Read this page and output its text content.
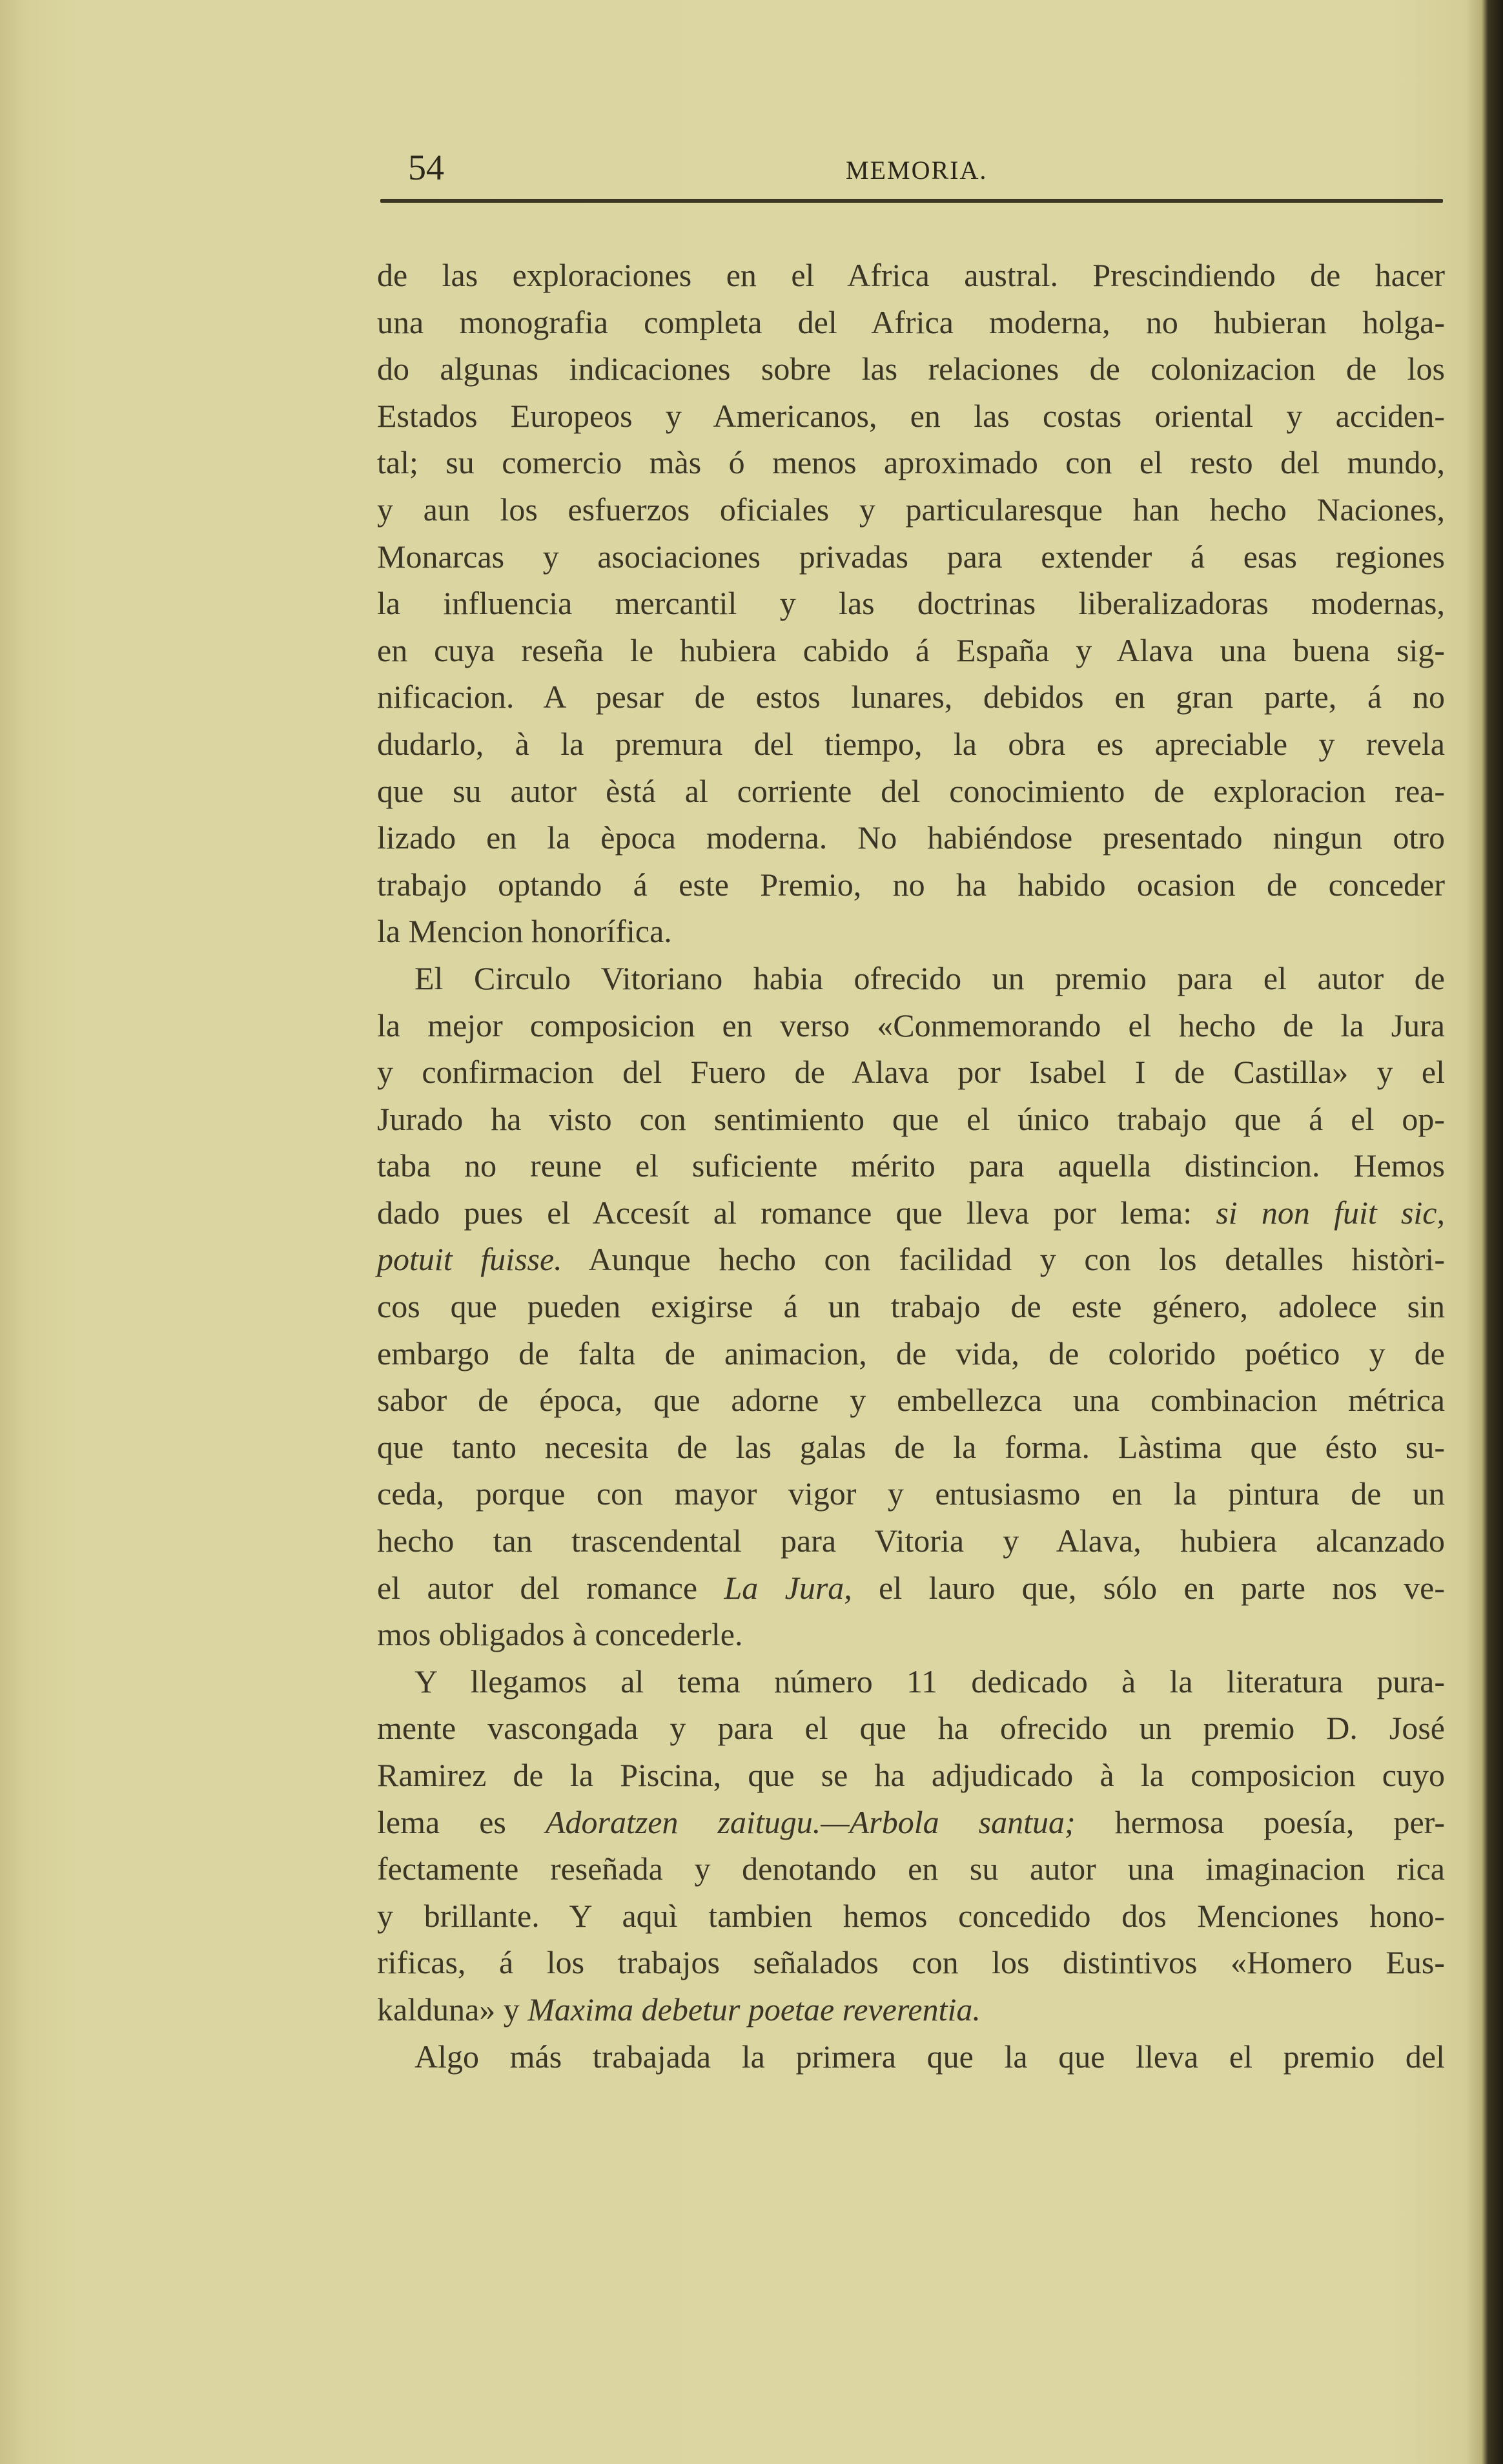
54	MEMORIA.
de las exploraciones en el Africa austral. Prescindiendo de hacer
una monografia completa del Africa moderna, no hubieran holga-
do algunas indicaciones sobre las relaciones de colonizacion de los
Estados Europeos y Americanos, en las costas oriental y acciden-
tal; su comercio màs ó menos aproximado con el resto del mundo,
y aun los esfuerzos oficiales y particularesque han hecho Naciones,
Monarcas y asociaciones privadas para extender á esas regiones
la influencia mercantil y las doctrinas liberalizadoras modernas,
en cuya reseña le hubiera cabido á España y Alava una buena sig-
nificacion. A pesar de estos lunares, debidos en gran parte, á no
dudarlo, à la premura del tiempo, la obra es apreciable y revela
que su autor èstá al corriente del conocimiento de exploracion rea-
lizado en la època moderna. No habiéndose presentado ningun otro
trabajo optando á este Premio, no ha habido ocasion de conceder
la Mencion honorífica.
El Circulo Vitoriano habia ofrecido un premio para el autor de
la mejor composicion en verso «Conmemorando el hecho de la Jura
y confirmacion del Fuero de Alava por Isabel I de Castilla» y el
Jurado ha visto con sentimiento que el único trabajo que á el op-
taba no reune el suficiente mérito para aquella distincion. Hemos
dado pues el Accesít al romance que lleva por lema: si non fuit sic,
potuit fuisse. Aunque hecho con facilidad y con los detalles històri-
cos que pueden exigirse á un trabajo de este género, adolece sin
embargo de falta de animacion, de vida, de colorido poético y de
sabor de época, que adorne y embellezca una combinacion métrica
que tanto necesita de las galas de la forma. Làstima que ésto su-
ceda, porque con mayor vigor y entusiasmo en la pintura de un
hecho tan trascendental para Vitoria y Alava, hubiera alcanzado
el autor del romance La Jura, el lauro que, sólo en parte nos ve-
mos obligados à concederle.
Y llegamos al tema número 11 dedicado à la literatura pura-
mente vascongada y para el que ha ofrecido un premio D. José
Ramirez de la Piscina, que se ha adjudicado à la composicion cuyo
lema es Adoratzen zaitugu.—Arbola santua; hermosa poesía, per-
fectamente reseñada y denotando en su autor una imaginacion rica
y brillante. Y aquì tambien hemos concedido dos Menciones hono-
rificas, á los trabajos señalados con los distintivos «Homero Eus-
kalduna» y Maxima debetur poetae reverentia.
Algo más trabajada la primera que la que lleva el premio del
